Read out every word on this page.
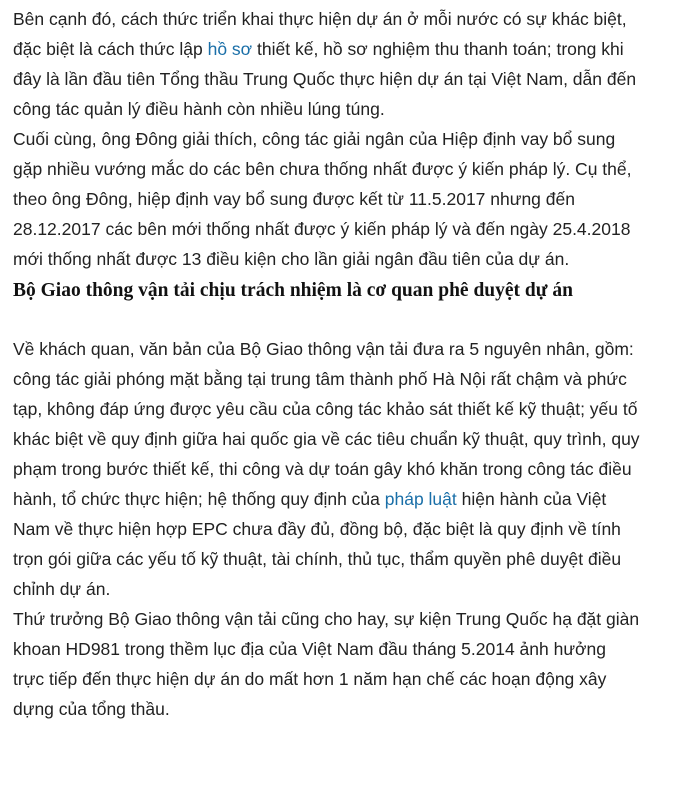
Bên cạnh đó, cách thức triển khai thực hiện dự án ở mỗi nước có sự khác biệt,
đặc biệt là cách thức lập hồ sơ thiết kế, hồ sơ nghiệm thu thanh toán; trong khi
đây là lần đầu tiên Tổng thầu Trung Quốc thực hiện dự án tại Việt Nam, dẫn đến
công tác quản lý điều hành còn nhiều lúng túng.

Cuối cùng, ông Đông giải thích, công tác giải ngân của Hiệp định vay bổ sung
gặp nhiều vướng mắc do các bên chưa thống nhất được ý kiến pháp lý. Cụ thể,
theo ông Đông, hiệp định vay bổ sung được kết từ 11.5.2017 nhưng đến
28.12.2017 các bên mới thống nhất được ý kiến pháp lý và đến ngày 25.4.2018
mới thống nhất được 13 điều kiện cho lần giải ngân đầu tiên của dự án.

Bộ Giao thông vận tải chịu trách nhiệm là cơ quan phê duyệt dự án

Về khách quan, văn bản của Bộ Giao thông vận tải đưa ra 5 nguyên nhân, gồm:
công tác giải phóng mặt bằng tại trung tâm thành phố Hà Nội rất chậm và phức
tạp, không đáp ứng được yêu cầu của công tác khảo sát thiết kế kỹ thuật; yếu tố
khác biệt về quy định giữa hai quốc gia về các tiêu chuẩn kỹ thuật, quy trình, quy
phạm trong bước thiết kế, thi công và dự toán gây khó khăn trong công tác điều
hành, tổ chức thực hiện; hệ thống quy định của pháp luật hiện hành của Việt
Nam về thực hiện hợp EPC chưa đầy đủ, đồng bộ, đặc biệt là quy định về tính
trọn gói giữa các yếu tố kỹ thuật, tài chính, thủ tục, thẩm quyền phê duyệt điều
chỉnh dự án.

Thứ trưởng Bộ Giao thông vận tải cũng cho hay, sự kiện Trung Quốc hạ đặt giàn
khoan HD981 trong thềm lục địa của Việt Nam đầu tháng 5.2014 ảnh hưởng
trực tiếp đến thực hiện dự án do mất hơn 1 năm hạn chế các hoạn động xây
dựng của tổng thầu.
